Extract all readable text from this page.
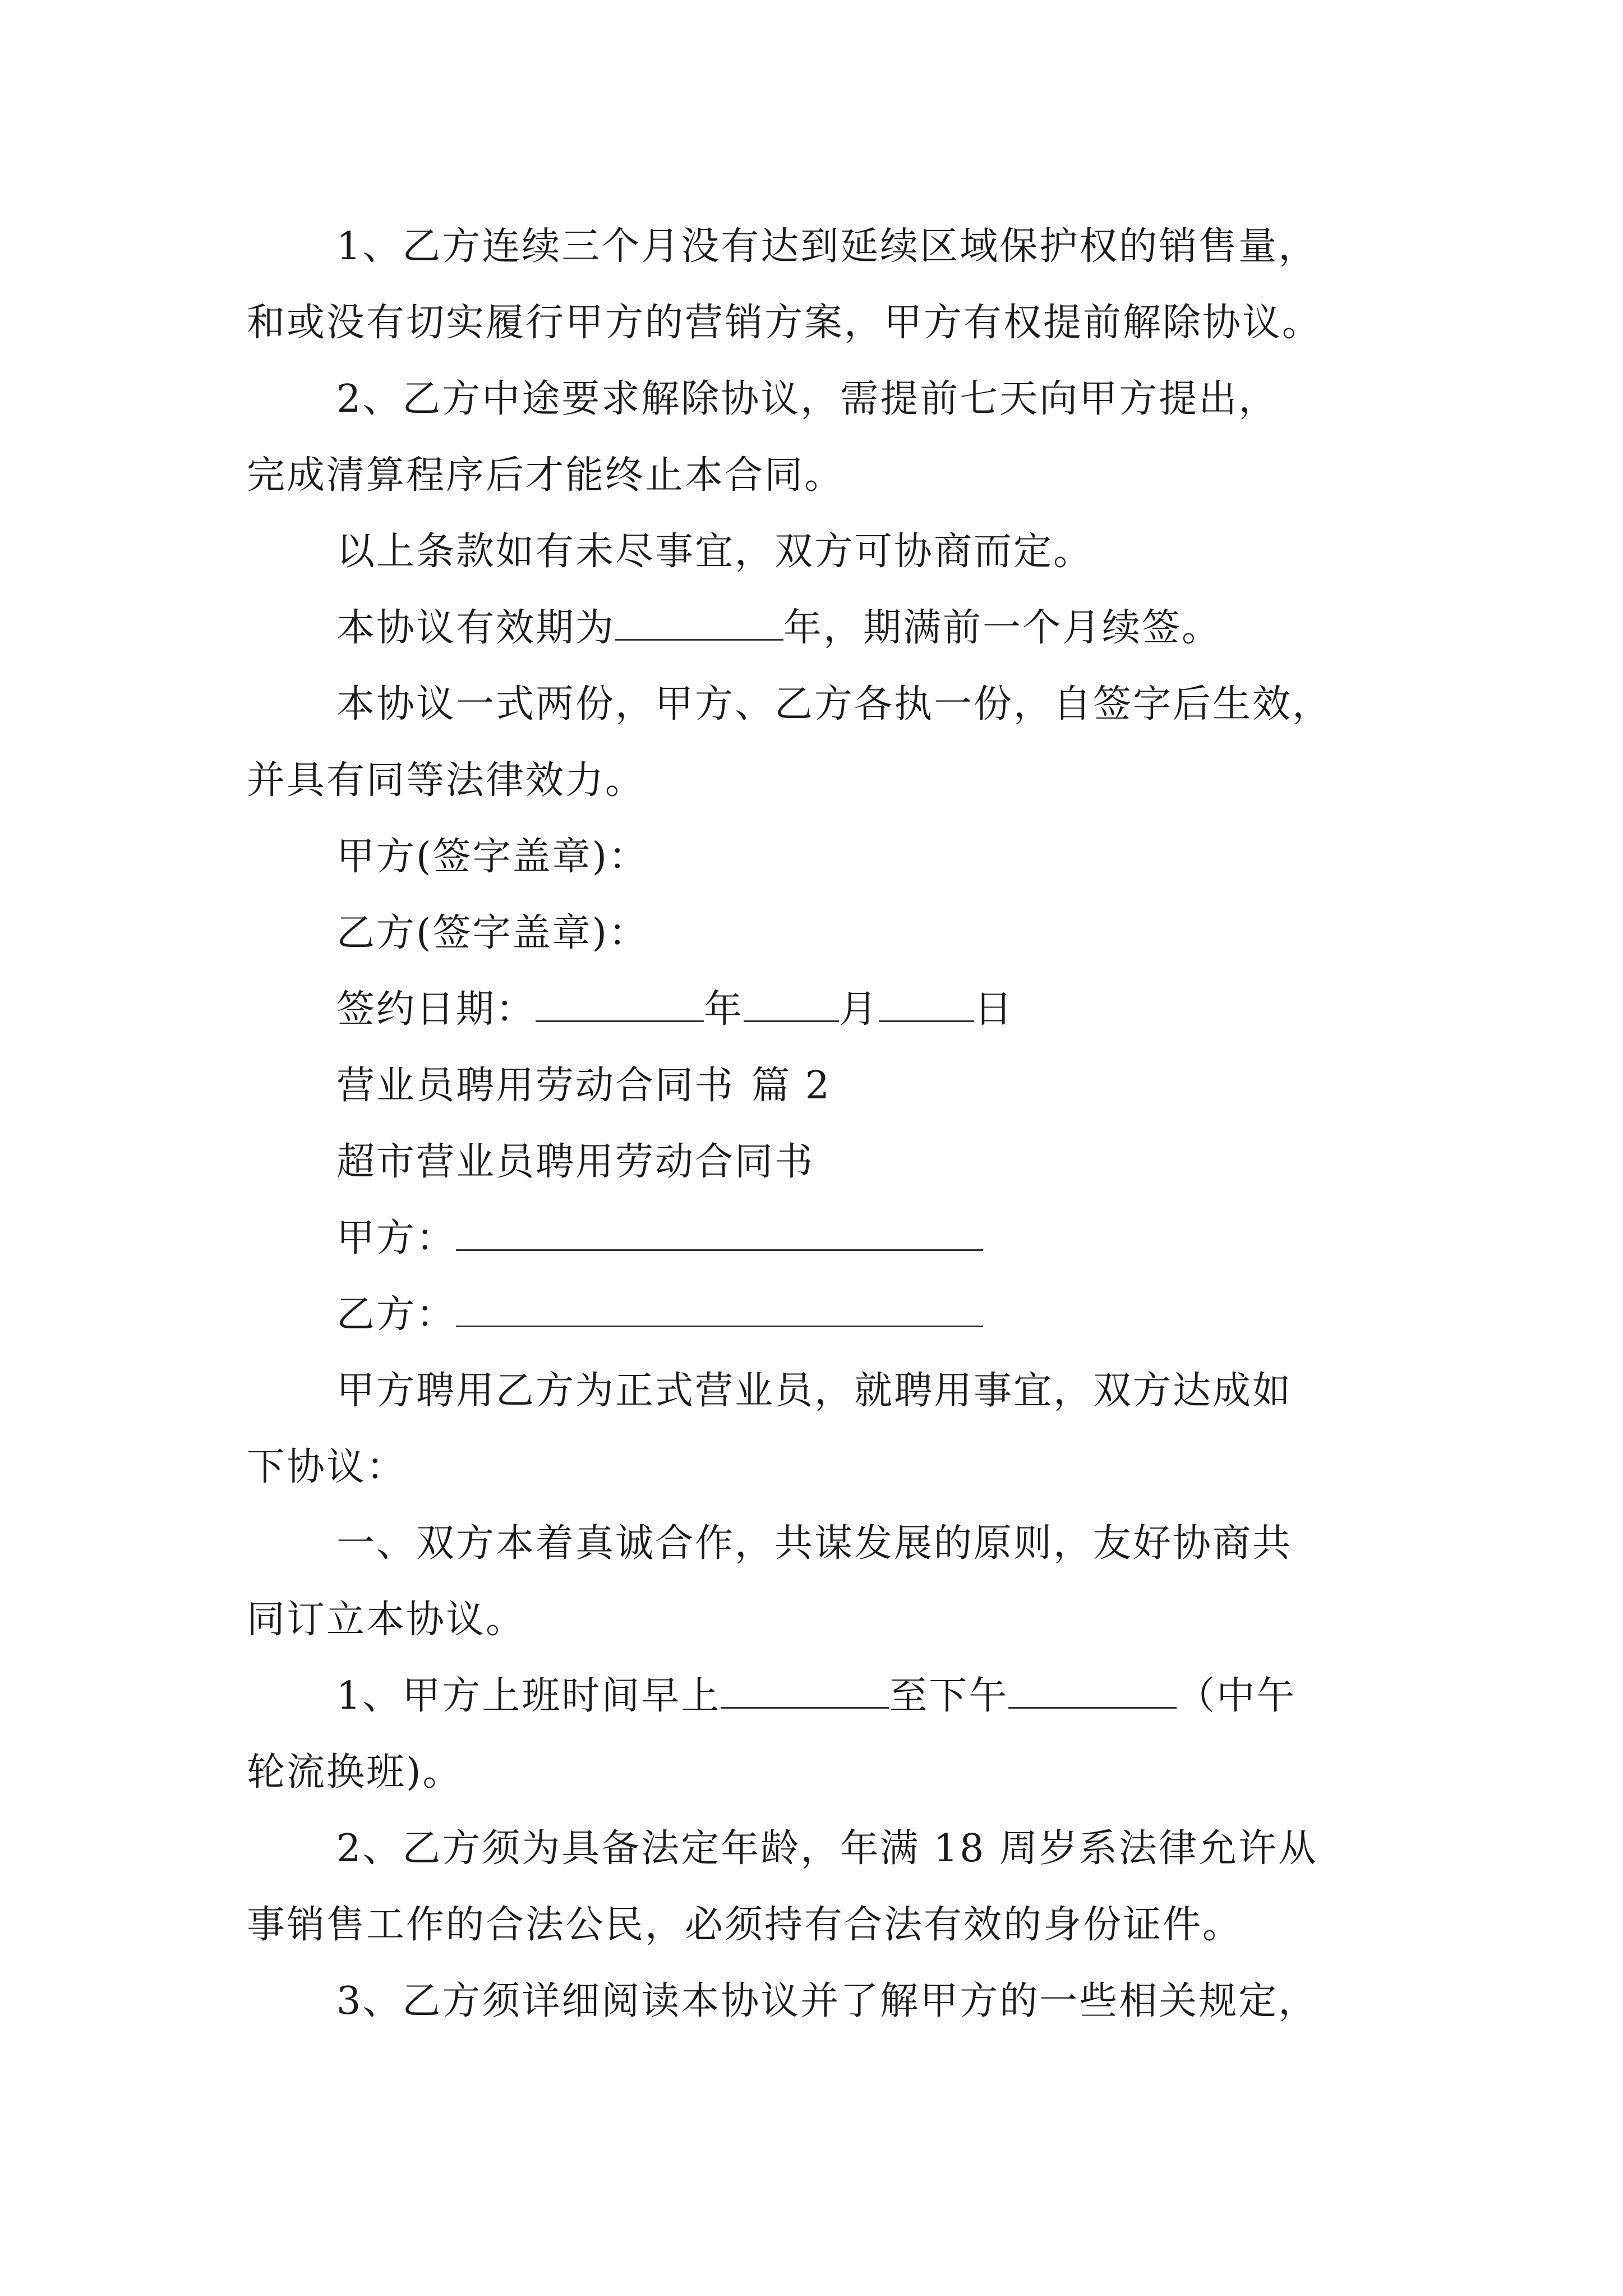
1、乙方连续三个月没有达到延续区域保护权的销售量，
和或没有切实履行甲方的营销方案，甲方有权提前解除协议。
2、乙方中途要求解除协议，需提前七天向甲方提出，
完成清算程序后才能终止本合同。
以上条款如有未尽事宜，双方可协商而定。
本协议有效期为	年，期满前一个月续签。
本协议一式两份，甲方、乙方各执一份，自签字后生效，
并具有同等法律效力。
甲方(签字盖章)：
乙方(签字盖章)：
签约日期：	年	月	日
营业员聘用劳动合同书 篇 2
超市营业员聘用劳动合同书
甲方：
乙方：
甲方聘用乙方为正式营业员，就聘用事宜，双方达成如
下协议：
一、双方本着真诚合作，共谋发展的原则，友好协商共
同订立本协议。
1、甲方上班时间早上	至下午	（中午
轮流换班)。
2、乙方须为具备法定年龄，年满 18 周岁系法律允许从
事销售工作的合法公民，必须持有合法有效的身份证件。
3、乙方须详细阅读本协议并了解甲方的一些相关规定，
